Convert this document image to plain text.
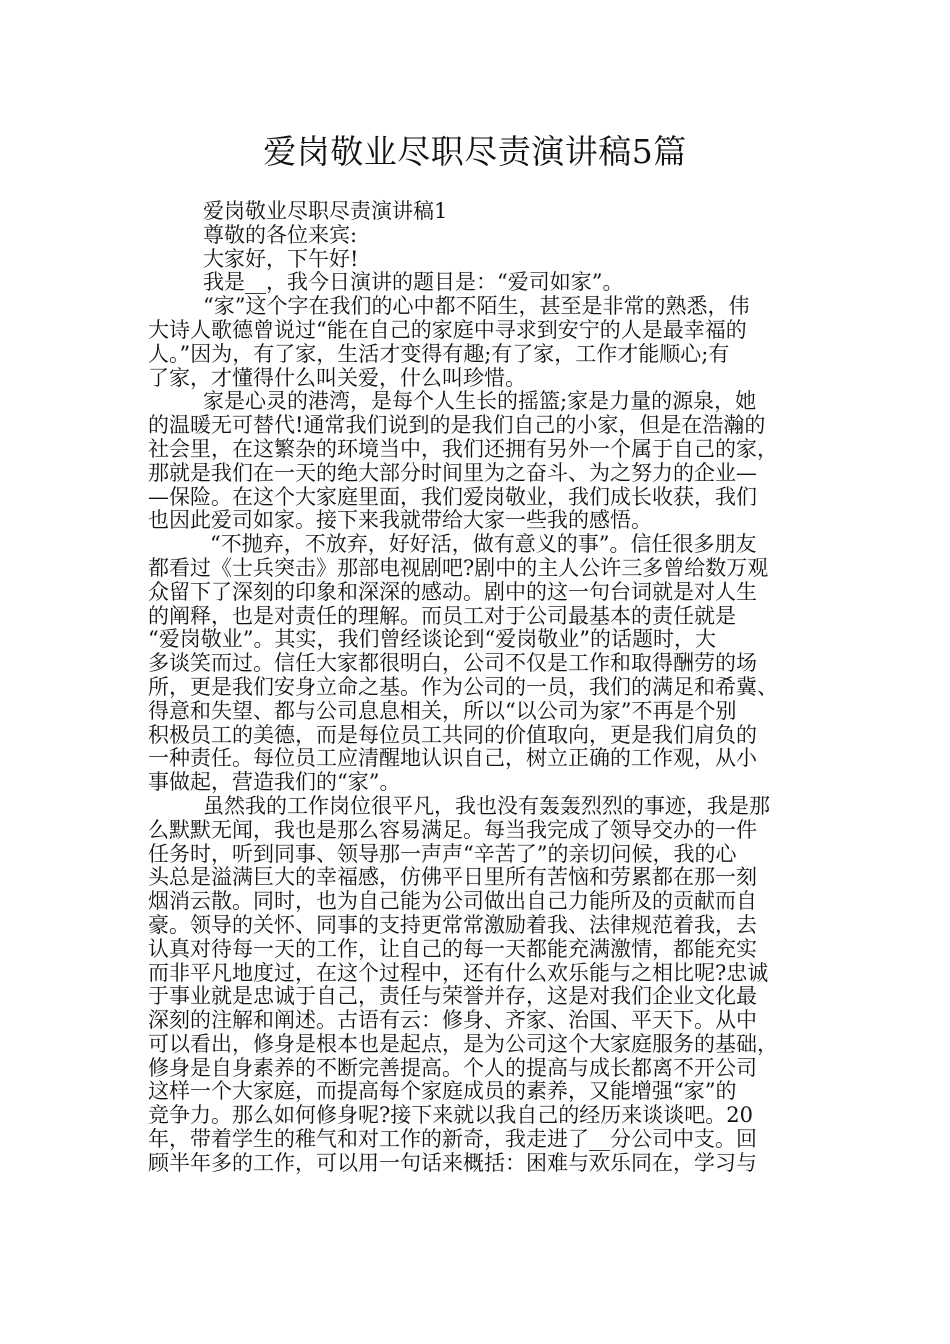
爱岗敬业尽职尽责演讲稿5篇

爱岗敬业尽职尽责演讲稿1

尊敬的各位来宾:

大家好，下午好!

我是__，我今日演讲的题目是：“爱司如家”。

“家”这个字在我们的心中都不陌生，甚至是非常的熟悉，伟

大诗人歌德曾说过“能在自己的家庭中寻求到安宁的人是最幸福的

人。”因为，有了家，生活才变得有趣;有了家，工作才能顺心;有

了家，才懂得什么叫关爱，什么叫珍惜。

家是心灵的港湾，是每个人生长的摇篮;家是力量的源泉，她

的温暖无可替代!通常我们说到的是我们自己的小家，但是在浩瀚的

社会里，在这繁杂的环境当中，我们还拥有另外一个属于自己的家，

那就是我们在一天的绝大部分时间里为之奋斗、为之努力的企业—

—保险。在这个大家庭里面，我们爱岗敬业，我们成长收获，我们

也因此爱司如家。接下来我就带给大家一些我的感悟。

“不抛弃，不放弃，好好活，做有意义的事”。信任很多朋友

都看过《士兵突击》那部电视剧吧?剧中的主人公许三多曾给数万观

众留下了深刻的印象和深深的感动。剧中的这一句台词就是对人生

的阐释，也是对责任的理解。而员工对于公司最基本的责任就是

“爱岗敬业”。其实，我们曾经谈论到“爱岗敬业”的话题时，大

多谈笑而过。信任大家都很明白，公司不仅是工作和取得酬劳的场

所，更是我们安身立命之基。作为公司的一员，我们的满足和希冀、

得意和失望、都与公司息息相关，所以“以公司为家”不再是个别

积极员工的美德，而是每位员工共同的价值取向，更是我们肩负的

一种责任。每位员工应清醒地认识自己，树立正确的工作观，从小

事做起，营造我们的“家”。

虽然我的工作岗位很平凡，我也没有轰轰烈烈的事迹，我是那

么默默无闻，我也是那么容易满足。每当我完成了领导交办的一件

任务时，听到同事、领导那一声声“辛苦了”的亲切问候，我的心

头总是溢满巨大的幸福感，仿佛平日里所有苦恼和劳累都在那一刻

烟消云散。同时，也为自己能为公司做出自己力能所及的贡献而自

豪。领导的关怀、同事的支持更常常激励着我、法律规范着我，去

认真对待每一天的工作，让自己的每一天都能充满激情，都能充实

而非平凡地度过，在这个过程中，还有什么欢乐能与之相比呢?忠诚

于事业就是忠诚于自己，责任与荣誉并存，这是对我们企业文化最

深刻的注解和阐述。古语有云：修身、齐家、治国、平天下。从中

可以看出，修身是根本也是起点，是为公司这个大家庭服务的基础，

修身是自身素养的不断完善提高。个人的提高与成长都离不开公司

这样一个大家庭，而提高每个家庭成员的素养，又能增强“家”的

竞争力。那么如何修身呢?接下来就以我自己的经历来谈谈吧。20

年，带着学生的稚气和对工作的新奇，我走进了__分公司中支。回

顾半年多的工作，可以用一句话来概括：困难与欢乐同在，学习与
